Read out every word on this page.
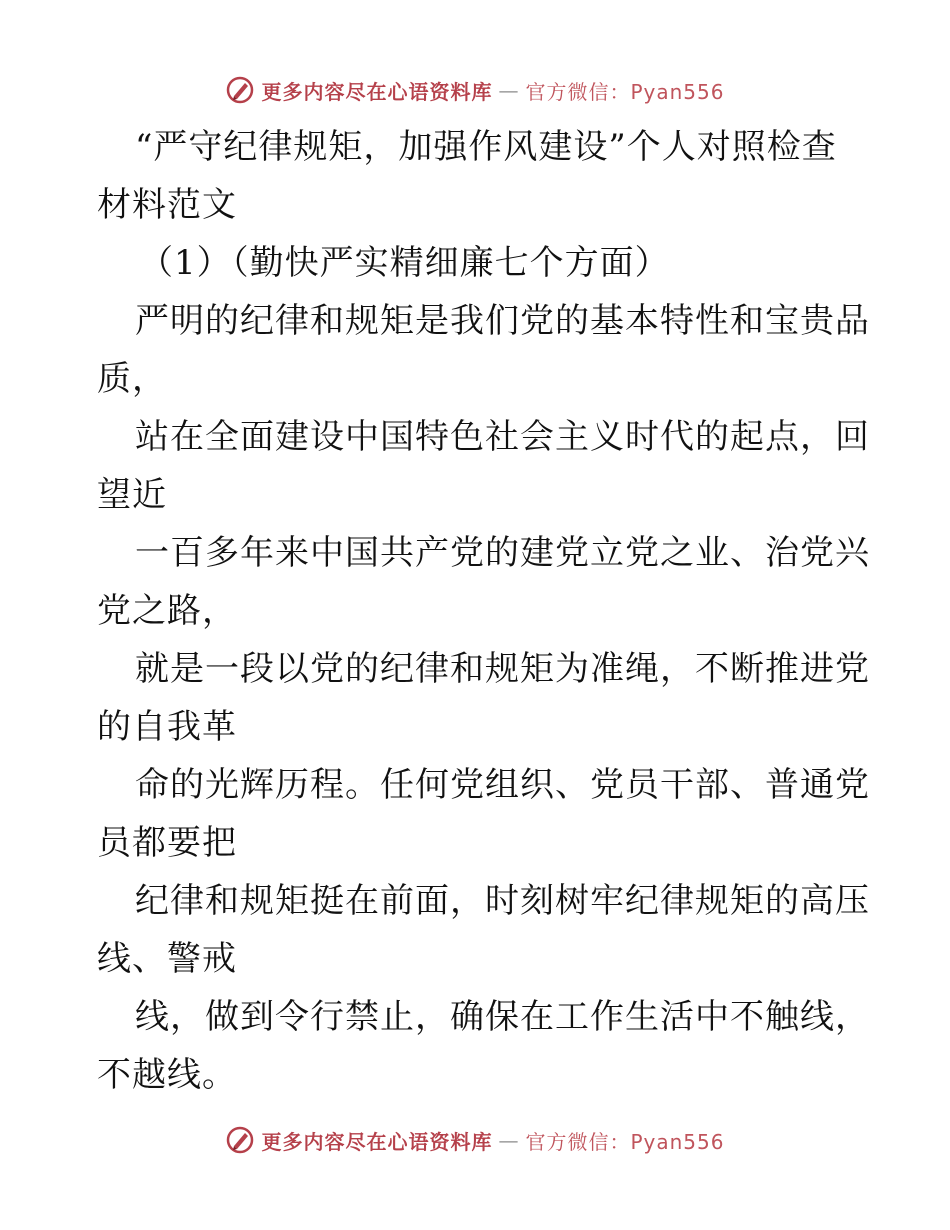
更多内容尽在心语资料库 — 官方微信：Pyan556
“严守纪律规矩，加强作风建设”个人对照检查
材料范文
（1）（勤快严实精细廉七个方面）
严明的纪律和规矩是我们党的基本特性和宝贵品
质，
站在全面建设中国特色社会主义时代的起点，回
望近
一百多年来中国共产党的建党立党之业、治党兴
党之路，
就是一段以党的纪律和规矩为准绳，不断推进党
的自我革
命的光辉历程。任何党组织、党员干部、普通党
员都要把
纪律和规矩挺在前面，时刻树牢纪律规矩的高压
线、警戒
线，做到令行禁止，确保在工作生活中不触线，
不越线。
更多内容尽在心语资料库 — 官方微信：Pyan556
